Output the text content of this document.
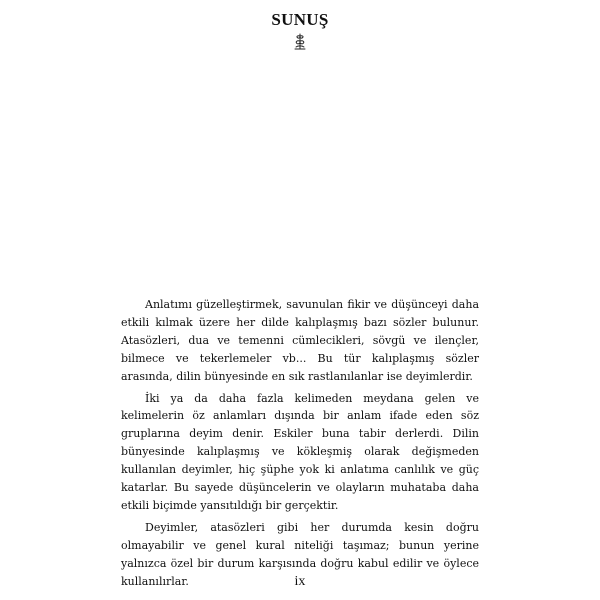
SUNUŞ

Anlatımı güzelleştirmek, savunulan fikir ve düşünceyi daha etkili kılmak üzere her dilde kalıplaşmış bazı sözler bulunur. Atasözleri, dua ve temenni cümlecikleri, sövgü ve ilençler, bilmece ve tekerlemeler vb... Bu tür kalıplaşmış sözler arasında, dilin bünyesinde en sık rastlanılanlar ise deyimlerdir.

İki ya da daha fazla kelimeden meydana gelen ve kelimelerin öz anlamları dışında bir anlam ifade eden söz gruplarına deyim denir. Eskiler buna tabir derlerdi. Dilin bünyesinde kalıplaşmış ve kökleşmiş olarak değişmeden kullanılan deyimler, hiç şüphe yok ki anlatıma canlılık ve güç katarlar. Bu sayede düşüncelerin ve olayların muhataba daha etkili biçimde yansıtıldığı bir gerçektir.

Deyimler, atasözleri gibi her durumda kesin doğru olmayabilir ve genel kural niteliği taşımaz; bunun yerine yalnızca özel bir durum karşısında doğru kabul edilir ve öylece kullanılırlar.	ix
